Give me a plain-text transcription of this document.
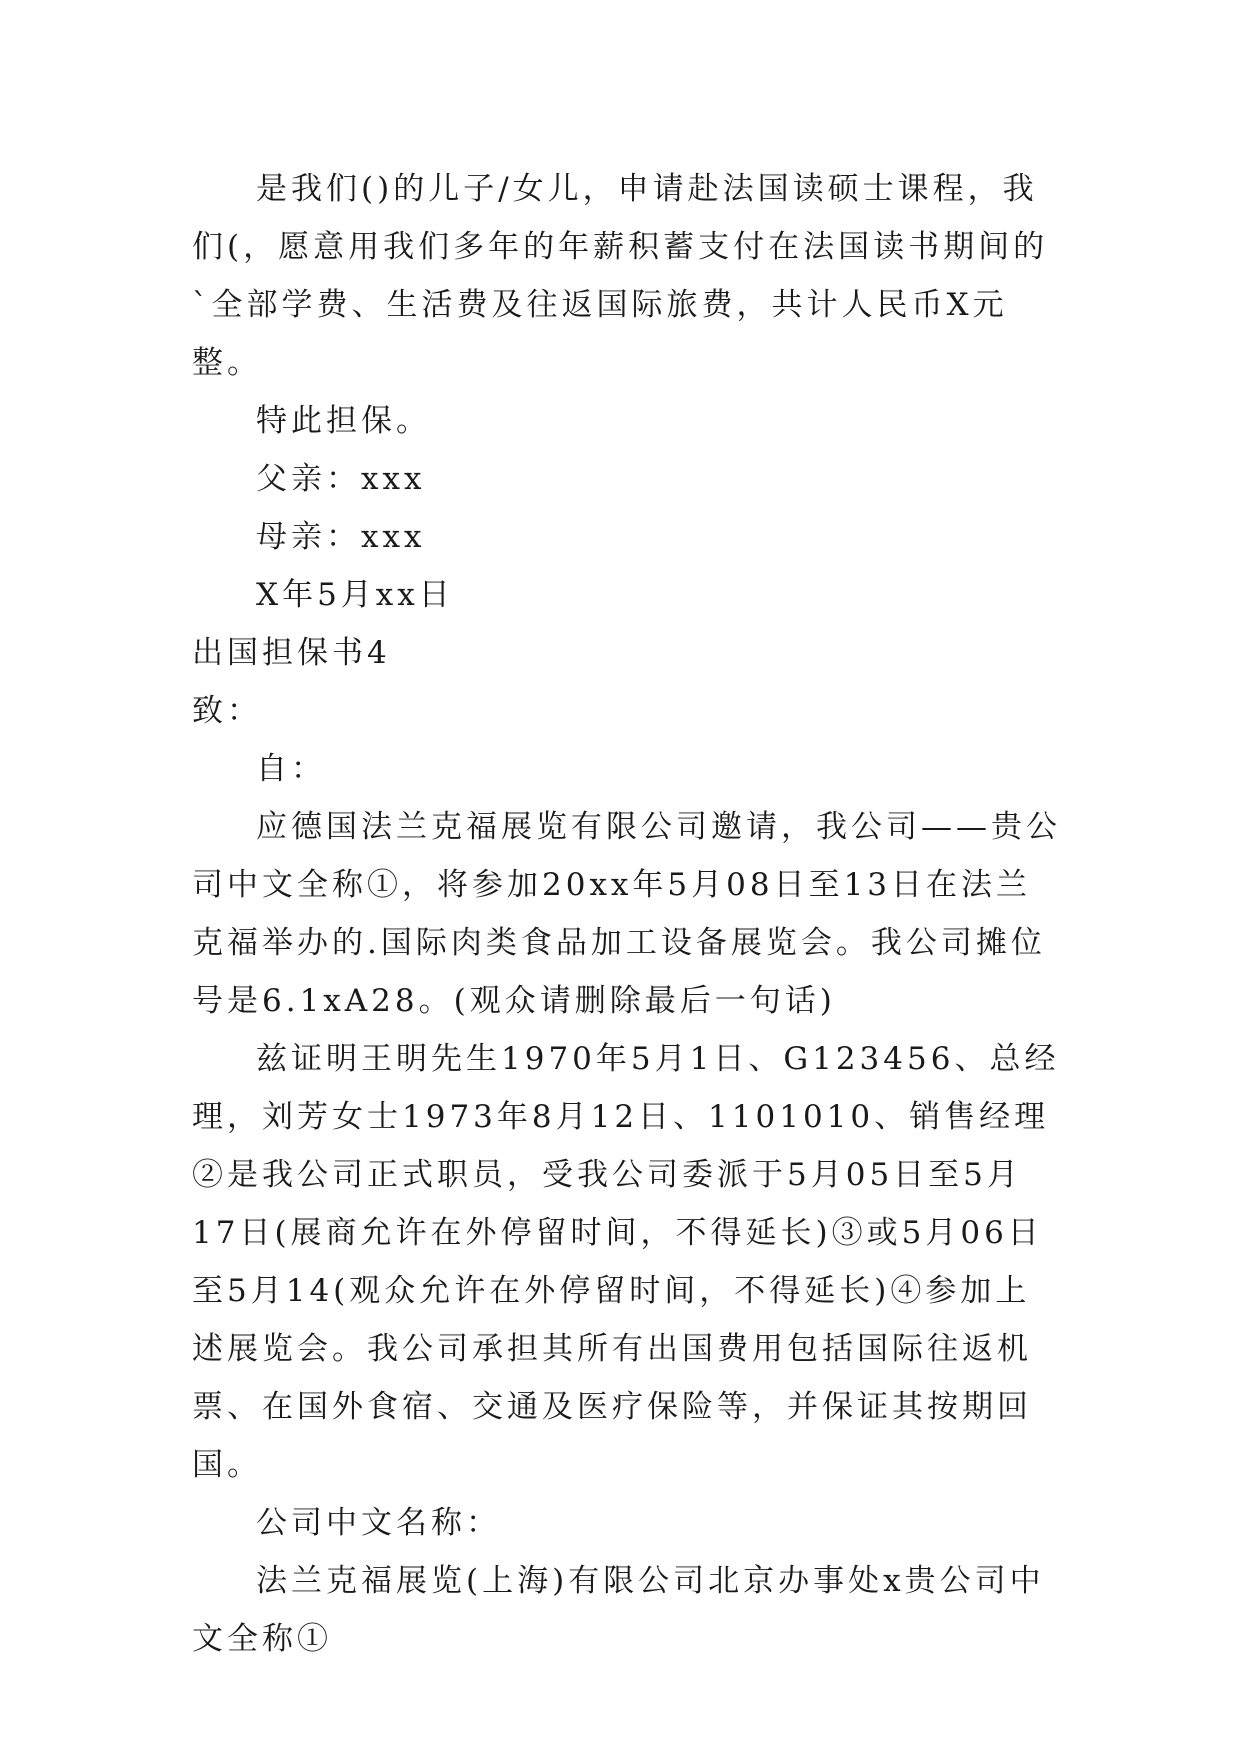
是我们()的儿子/女儿，申请赴法国读硕士课程，我们(，愿意用我们多年的年薪积蓄支付在法国读书期间的`全部学费、生活费及往返国际旅费，共计人民币X元整。

特此担保。

父亲：xxx

母亲：xxx

X年5月xx日

出国担保书4

致：

自：

应德国法兰克福展览有限公司邀请，我公司——贵公司中文全称①，将参加20xx年5月08日至13日在法兰克福举办的.国际肉类食品加工设备展览会。我公司摊位号是6.1xA28。(观众请删除最后一句话)

兹证明王明先生1970年5月1日、G123456、总经理，刘芳女士1973年8月12日、1101010、销售经理②是我公司正式职员，受我公司委派于5月05日至5月17日(展商允许在外停留时间，不得延长)③或5月06日至5月14(观众允许在外停留时间，不得延长)④参加上述展览会。我公司承担其所有出国费用包括国际往返机票、在国外食宿、交通及医疗保险等，并保证其按期回国。

公司中文名称：

法兰克福展览(上海)有限公司北京办事处x贵公司中文全称①
